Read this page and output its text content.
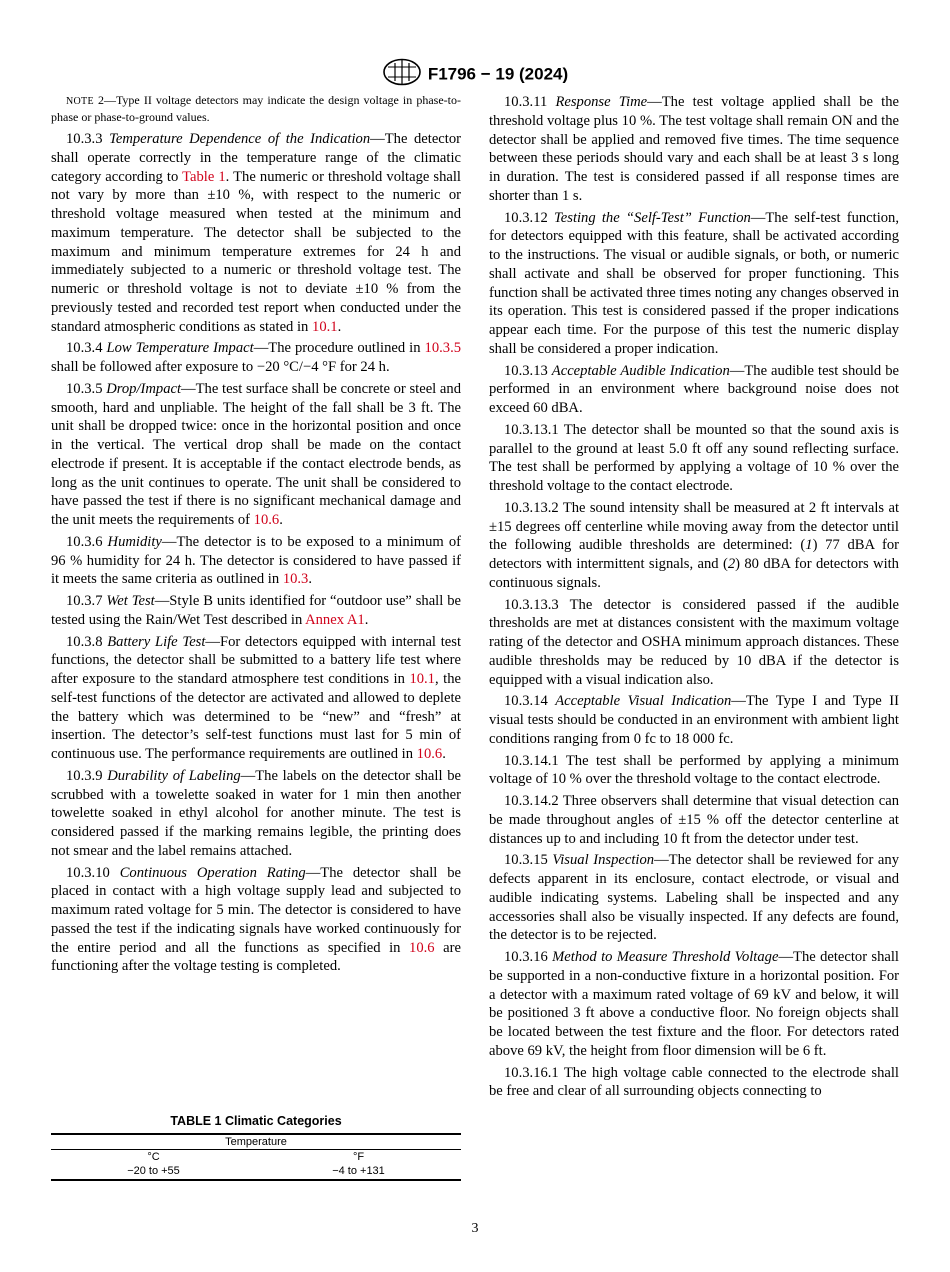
F1796 − 19 (2024)

NOTE 2—Type II voltage detectors may indicate the design voltage in phase-to-phase or phase-to-ground values.

10.3.3 Temperature Dependence of the Indication—The detector shall operate correctly in the temperature range of the climatic category according to Table 1. The numeric or threshold voltage shall not vary by more than ±10 %, with respect to the numeric or threshold voltage measured when tested at the minimum and maximum temperature. The detector shall be subjected to the maximum and minimum temperature extremes for 24 h and immediately subjected to a numeric or threshold voltage test. The numeric or threshold voltage is not to deviate ±10 % from the previously tested and recorded test report when conducted under the standard atmospheric conditions as stated in 10.1.

10.3.4 Low Temperature Impact—The procedure outlined in 10.3.5 shall be followed after exposure to −20 °C/−4 °F for 24 h.

10.3.5 Drop/Impact—The test surface shall be concrete or steel and smooth, hard and unpliable. The height of the fall shall be 3 ft. The unit shall be dropped twice: once in the horizontal position and once in the vertical. The vertical drop shall be made on the contact electrode if present. It is acceptable if the contact electrode bends, as long as the unit continues to operate. The unit shall be considered to have passed the test if there is no significant mechanical damage and the unit meets the requirements of 10.6.

10.3.6 Humidity—The detector is to be exposed to a minimum of 96 % humidity for 24 h. The detector is considered to have passed if it meets the same criteria as outlined in 10.3.

10.3.7 Wet Test—Style B units identified for “outdoor use” shall be tested using the Rain/Wet Test described in Annex A1.

10.3.8 Battery Life Test—For detectors equipped with internal test functions, the detector shall be submitted to a battery life test where after exposure to the standard atmosphere test conditions in 10.1, the self-test functions of the detector are activated and allowed to deplete the battery which was determined to be “new” and “fresh” at insertion. The detector’s self-test functions must last for 5 min of continuous use. The performance requirements are outlined in 10.6.

10.3.9 Durability of Labeling—The labels on the detector shall be scrubbed with a towelette soaked in water for 1 min then another towelette soaked in ethyl alcohol for another minute. The test is considered passed if the marking remains legible, the printing does not smear and the label remains attached.

10.3.10 Continuous Operation Rating—The detector shall be placed in contact with a high voltage supply lead and subjected to maximum rated voltage for 5 min. The detector is considered to have passed the test if the indicating signals have worked continuously for the entire period and all the functions as specified in 10.6 are functioning after the voltage testing is completed.

TABLE 1 Climatic Categories
Temperature	
°C	°F
−20 to +55	−4 to +131

10.3.11 Response Time—The test voltage applied shall be the threshold voltage plus 10 %. The test voltage shall remain ON and the detector shall be applied and removed five times. The time sequence between these periods should vary and each shall be at least 3 s long in duration. The test is considered passed if all response times are shorter than 1 s.

10.3.12 Testing the “Self-Test” Function—The self-test function, for detectors equipped with this feature, shall be activated according to the instructions. The visual or audible signals, or both, or numeric shall activate and shall be observed for proper functioning. This function shall be activated three times noting any changes observed in its operation. This test is considered passed if the proper indications appear each time. For the purpose of this test the numeric display shall be considered a proper indication.

10.3.13 Acceptable Audible Indication—The audible test should be performed in an environment where background noise does not exceed 60 dBA.

10.3.13.1 The detector shall be mounted so that the sound axis is parallel to the ground at least 5.0 ft off any sound reflecting surface. The test shall be performed by applying a voltage of 10 % over the threshold voltage to the contact electrode.

10.3.13.2 The sound intensity shall be measured at 2 ft intervals at ±15 degrees off centerline while moving away from the detector until the following audible thresholds are determined: (1) 77 dBA for detectors with intermittent signals, and (2) 80 dBA for detectors with continuous signals.

10.3.13.3 The detector is considered passed if the audible thresholds are met at distances consistent with the maximum voltage rating of the detector and OSHA minimum approach distances. These audible thresholds may be reduced by 10 dBA if the detector is equipped with a visual indication also.

10.3.14 Acceptable Visual Indication—The Type I and Type II visual tests should be conducted in an environment with ambient light conditions ranging from 0 fc to 18 000 fc.

10.3.14.1 The test shall be performed by applying a minimum voltage of 10 % over the threshold voltage to the contact electrode.

10.3.14.2 Three observers shall determine that visual detection can be made throughout angles of ±15 % off the detector centerline at distances up to and including 10 ft from the detector under test.

10.3.15 Visual Inspection—The detector shall be reviewed for any defects apparent in its enclosure, contact electrode, or visual and audible indicating systems. Labeling shall be inspected and any accessories shall also be visually inspected. If any defects are found, the detector is to be rejected.

10.3.16 Method to Measure Threshold Voltage—The detector shall be supported in a non-conductive fixture in a horizontal position. For a detector with a maximum rated voltage of 69 kV and below, it will be positioned 3 ft above a conductive floor. No foreign objects shall be located between the test fixture and the floor. For detectors rated above 69 kV, the height from floor dimension will be 6 ft.

10.3.16.1 The high voltage cable connected to the electrode shall be free and clear of all surrounding objects connecting to

3
